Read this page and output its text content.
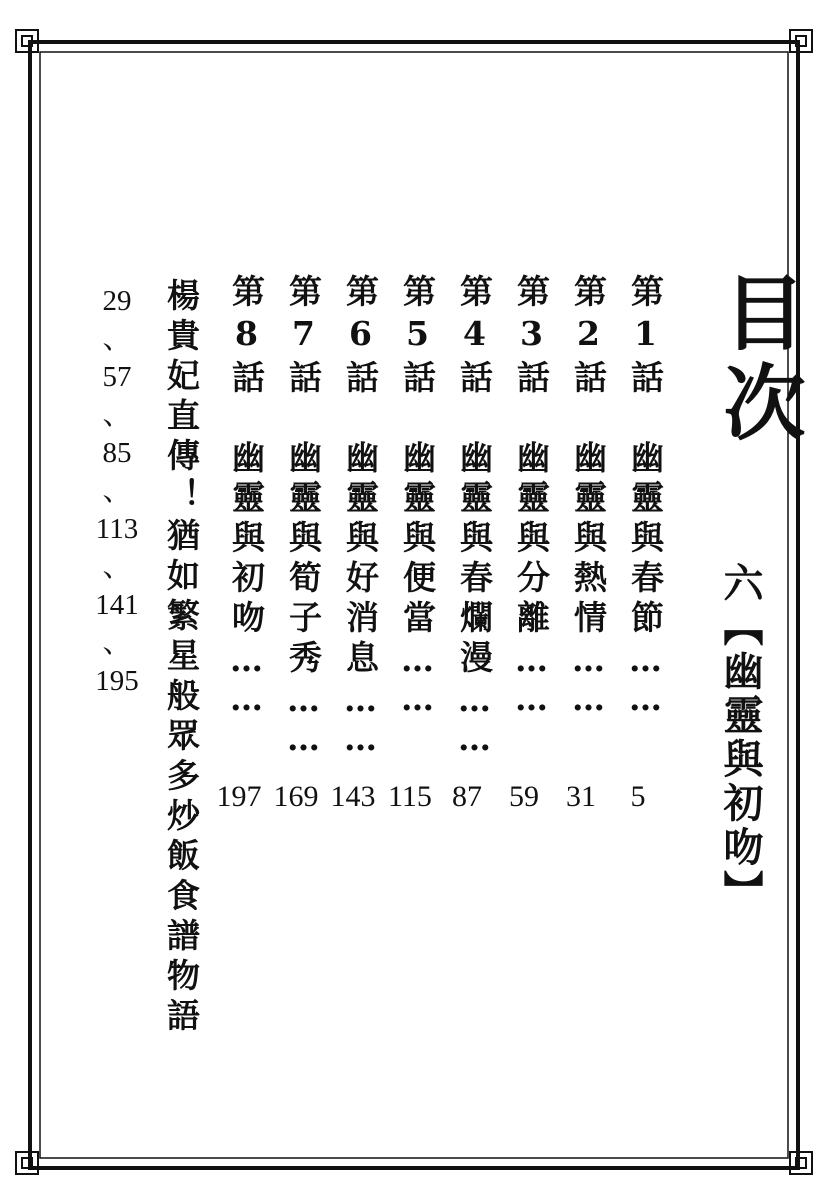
目次
六【幽靈與初吻】
第1話　幽靈與春節……
5
第2話　幽靈與熱情……
31
第3話　幽靈與分離……
59
第4話　幽靈與春爛漫……
87
第5話　幽靈與便當……
115
第6話　幽靈與好消息……
143
第7話　幽靈與筍子秀……
169
第8話　幽靈與初吻……
197
楊貴妃直傳！猶如繁星般眾多炒飯食譜物語
29
、
57
、
85
、
113
、
141
、
195
